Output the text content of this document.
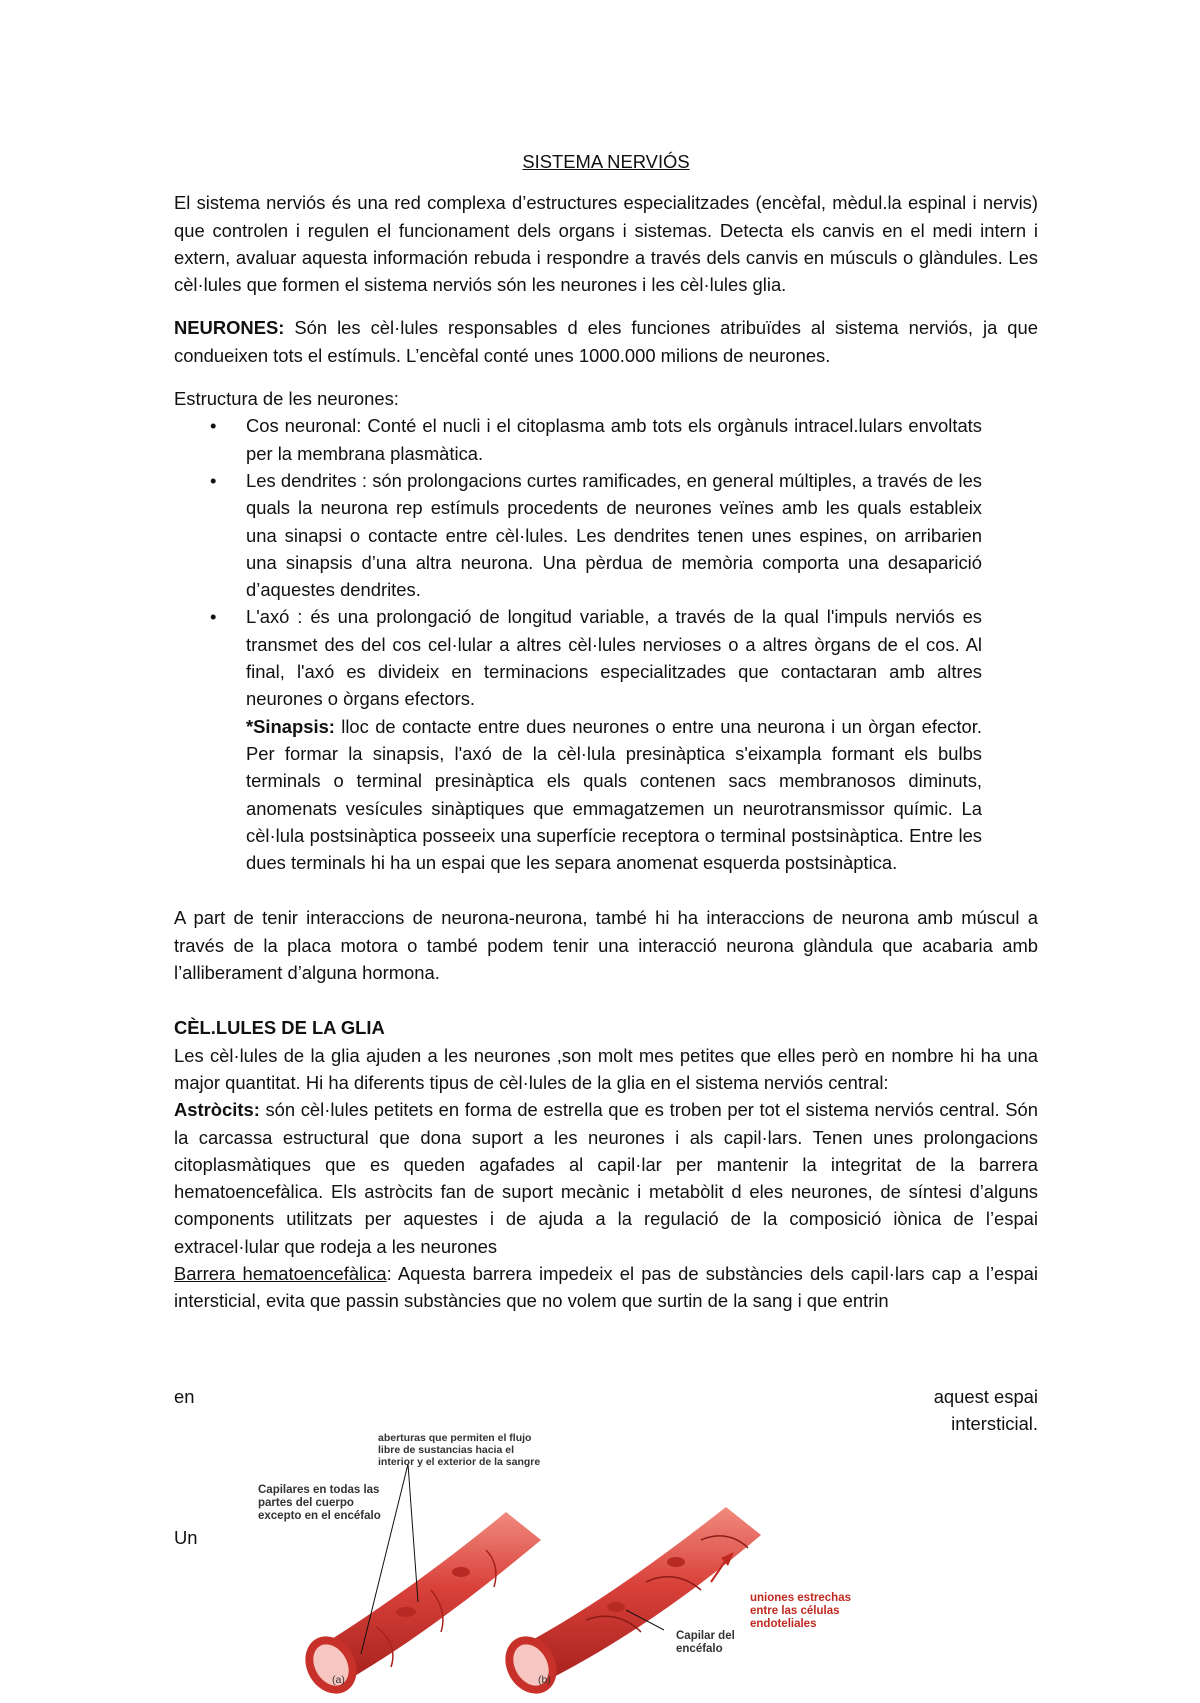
SISTEMA NERVIÓS

El sistema nerviós és una red complexa d’estructures especialitzades (encèfal, mèdul.la espinal i nervis) que controlen i regulen el funcionament dels organs i sistemas. Detecta els canvis en el medi intern i extern, avaluar aquesta información rebuda i respondre a través dels canvis en músculs o glàndules. Les cèl·lules que formen el sistema nerviós són les neurones i les cèl·lules glia.

NEURONES: Són les cèl·lules responsables d eles funciones atribuïdes al sistema nerviós, ja que condueixen tots el estímuls. L’encèfal conté unes 1000.000 milions de neurones.

Estructura de les neurones:

• Cos neuronal: Conté el nucli i el citoplasma amb tots els orgànuls intracel.lulars envoltats per la membrana plasmàtica.
• Les dendrites : són prolongacions curtes ramificades, en general múltiples, a través de les quals la neurona rep estímuls procedents de neurones veïnes amb les quals estableix una sinapsi o contacte entre cèl·lules. Les dendrites tenen unes espines, on arribarien una sinapsis d’una altra neurona. Una pèrdua de memòria comporta una desaparició d’aquestes dendrites.
• L'axó : és una prolongació de longitud variable, a través de la qual l'impuls nerviós es transmet des del cos cel·lular a altres cèl·lules nervioses o a altres òrgans de el cos. Al final, l'axó es divideix en terminacions especialitzades que contactaran amb altres neurones o òrgans efectors.

*Sinapsis: lloc de contacte entre dues neurones o entre una neurona i un òrgan efector. Per formar la sinapsis, l'axó de la cèl·lula presinàptica s'eixampla formant els bulbs terminals o terminal presinàptica els quals contenen sacs membranosos diminuts, anomenats vesícules sinàptiques que emmagatzemen un neurotransmissor químic. La cèl·lula postsinàptica posseeix una superfície receptora o terminal postsinàptica. Entre les dues terminals hi ha un espai que les separa anomenat esquerda postsinàptica.

A part de tenir interaccions de neurona-neurona, també hi ha interaccions de neurona amb múscul a través de la placa motora o també podem tenir una interacció neurona glàndula que acabaria amb l’alliberament d’alguna hormona.

CÈL.LULES DE LA GLIA

Les cèl·lules de la glia ajuden a les neurones ,son molt mes petites que elles però en nombre hi ha una major quantitat. Hi ha diferents tipus de cèl·lules de la glia en el sistema nerviós central:

Astròcits: són cèl·lules petitets en forma de estrella que es troben per tot el sistema nerviós central. Són la carcassa estructural que dona suport a les neurones i als capil·lars. Tenen unes prolongacions citoplasmàtiques que es queden agafades al capil·lar per mantenir la integritat de la barrera hematoencefàlica. Els astròcits fan de suport mecànic i metabòlit d eles neurones, de síntesi d’alguns components utilitzats per aquestes i de ajuda a la regulació de la composició iònica de l’espai extracel·lular que rodeja a les neurones

Barrera hematoencefàlica: Aquesta barrera impedeix el pas de substàncies dels capil·lars cap a l’espai intersticial, evita que passin substàncies que no volem que surtin de la sang i que entrin

en	aquest espai
intersticial.
Un
aberturas que permiten el flujo
libre de sustancias hacia el
interior y el exterior de la sangre
Capilares en todas las
partes del cuerpo
excepto en el encéfalo
uniones estrechas
entre las células
endoteliales
Capilar del
encéfalo
(a)	(b)
